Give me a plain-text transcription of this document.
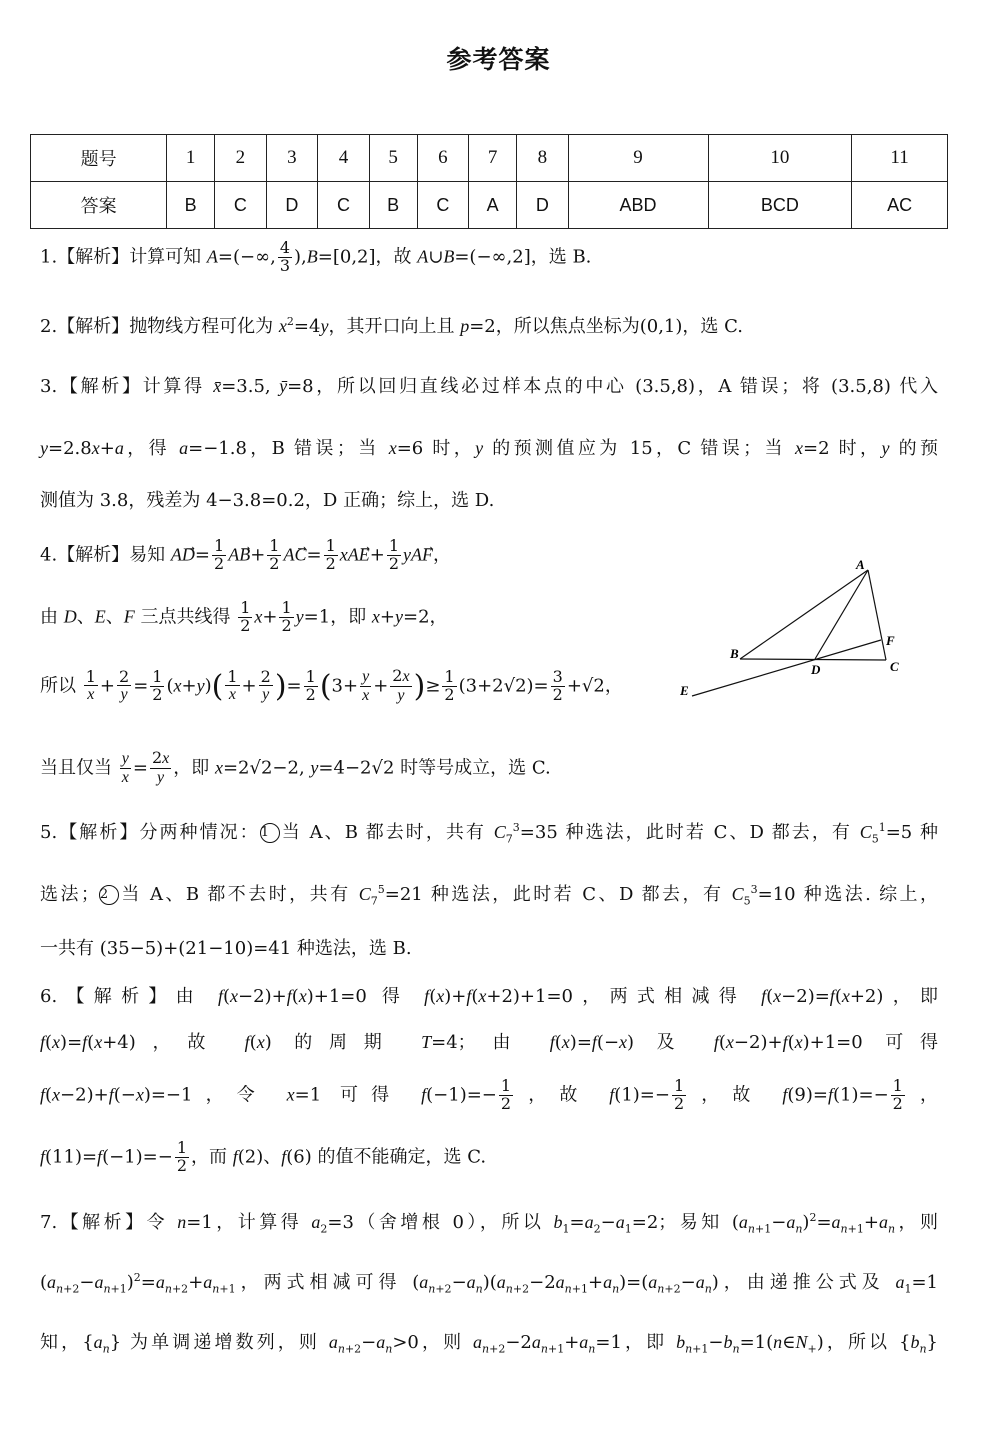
参考答案
题号	1	2	3	4	5	6	7	8	9	10	11
答案	B	C	D	C	B	C	A	D	ABD	BCD	AC
1.【解析】计算可知 A=(−∞, $\frac{4}{3} ),B=[0,2]$，故 A∪B=(−∞,2]，选 B.
2.【解析】抛物线方程可化为 $x^2=4y$，其开口向上且 p=2，所以焦点坐标为(0,1)，选 C.
3.【解析】计算得 x̄=3.5, ȳ=8，所以回归直线必过样本点的中心 (3.5,8)，A 错误；将 (3.5,8) 代入
y=2.8x+a，得 a=−1.8，B 错误；当 x=6 时，y 的预测值应为 15，C 错误；当 x=2 时，y 的预
测值为 3.8，残差为 4−3.8=0.2，D 正确；综上，选 D.
4.【解析】易知 AD⃗= $\frac{1}{2}$ AB⃗+ $\frac{1}{2}$ AC⃗= $\frac{1}{2}$ xAE⃗+ $\frac{1}{2}$ yAF⃗，
由 D、E、F 三点共线得 $\frac{1}{2} x+ \frac{1}{2} y=1$，即 x+y=2，
所以 $\frac{1}{x} + \frac{2}{y} = \frac{1}{2} (x+y)( \frac{1}{x} + \frac{2}{y}$ )= $\frac{1}{2} (3+ \frac{y}{x} + \frac{2x}{y}$ )≥ $\frac{1}{2} (3+2√2)= \frac{3}{2} +√2$，
当且仅当 $\frac{y}{x} = \frac{2x}{y}$ ，即 x=2√2−2, y=4−2√2 时等号成立，选 C.
A
B
C
D
E
F
5.【解析】分两种情况：1 当 A、B 都去时，共有 $C_7^3=35$ 种选法，此时若 C、D 都去，有 $C_5^1=5$ 种
选法；2 当 A、B 都不去时，共有 $C_7^5=21$ 种选法，此时若 C、D 都去，有 $C_5^3=10$ 种选法. 综上，
一共有 (35−5)+(21−10)=41 种选法，选 B.
6.【解析】由 f(x−2)+f(x)+1=0 得 f(x)+f(x+2)+1=0，两式相减得 f(x−2)=f(x+2)，即
f(x)=f(x+4)，故 f(x) 的周期 T=4；由 f(x)=f(−x) 及 f(x−2)+f(x)+1=0 可得
f(x−2)+f(−x)=−1，令 x=1 可得 $f(-1)=- \frac{1}{2}$ ，故 $f(1)=- \frac{1}{2}$ ，故 $f(9)=f(1)=- \frac{1}{2}$ ，
$f(11)=f(-1)=- \frac{1}{2}$ ，而 f(2)、f(6) 的值不能确定，选 C.
7.【解析】令 n=1，计算得 $a_2=3$（舍增根 0），所以 $b_1=a_2-a_1=2$；易知 $(a_{n+1}-a_n)^2=a_{n+1}+a_n$，则
$(a_{n+2}-a_{n+1})^2=a_{n+2}+a_{n+1}$，两式相减可得 $(a_{n+2}-a_n)(a_{n+2}-2a_{n+1}+a_n)=(a_{n+2}-a_n)$，由递推公式及 $a_1=1$
知，$\{a_n\}$ 为单调递增数列，则 $a_{n+2}-a_n>0$，则 $a_{n+2}-2a_{n+1}+a_n=1$，即 $b_{n+1}-b_n=1(n\in N_+)$，所以 $\{b_n\}$
